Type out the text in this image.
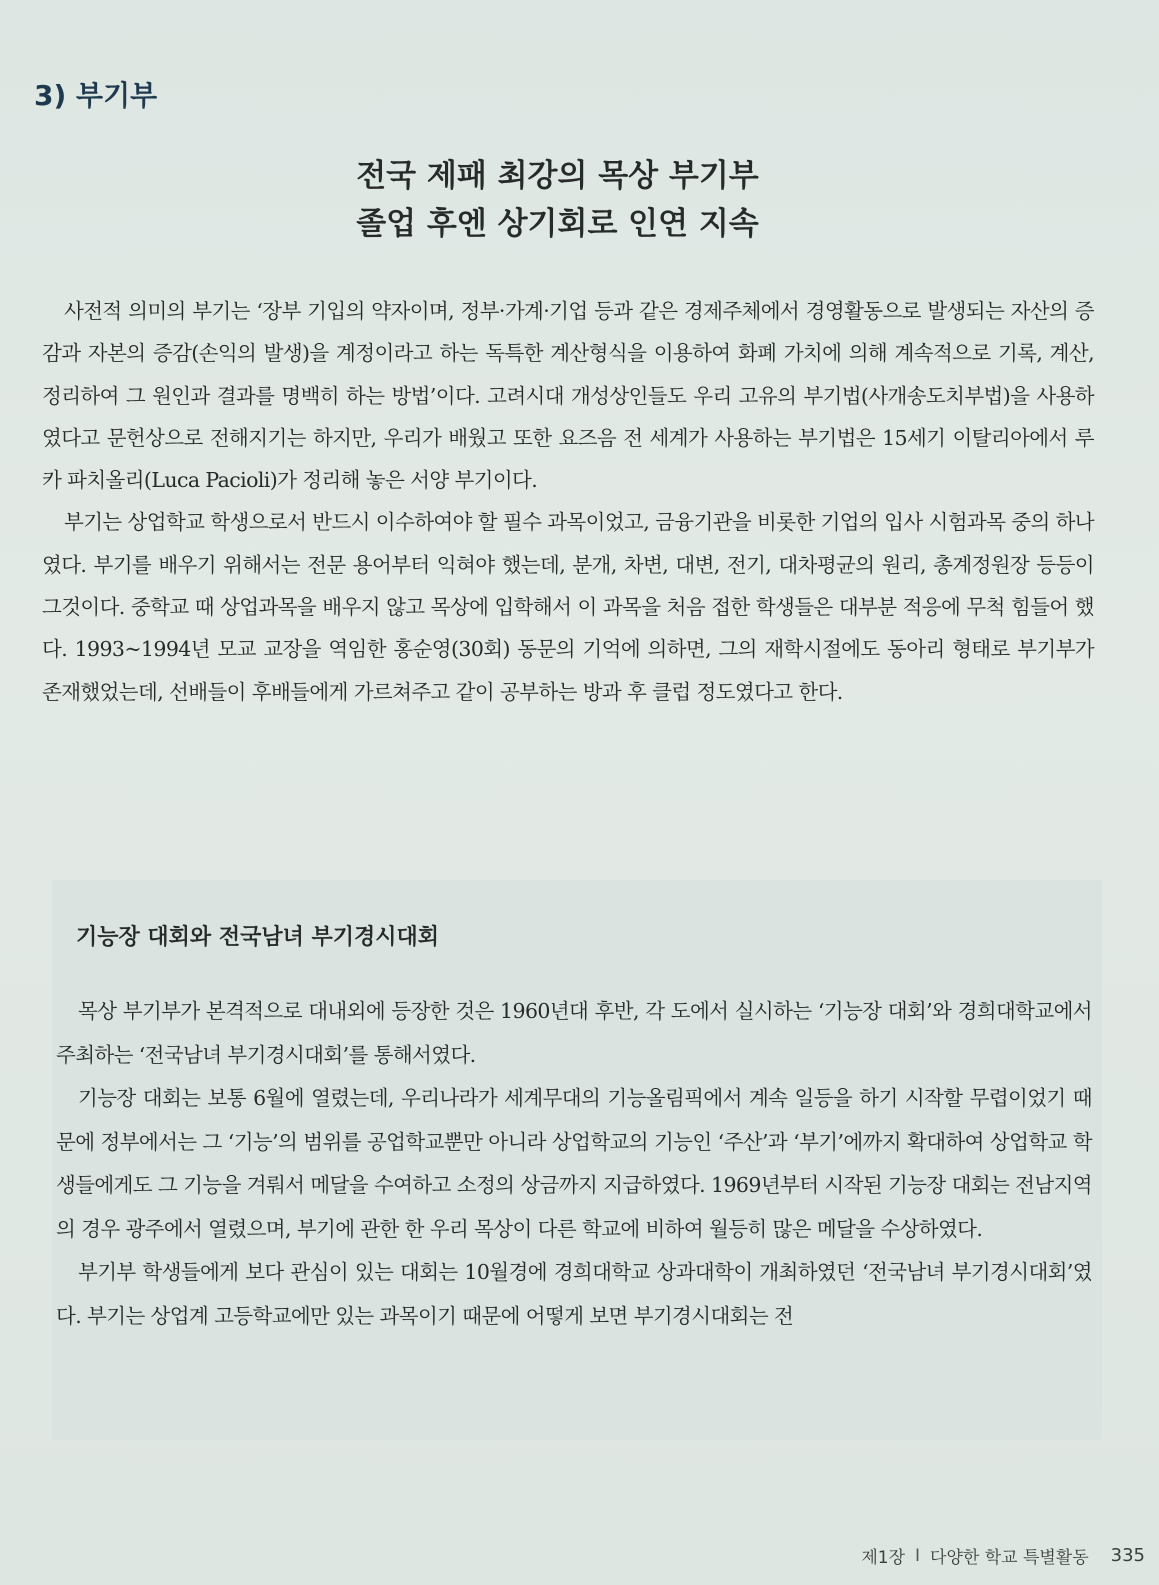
3) 부기부
전국 제패 최강의 목상 부기부
졸업 후엔 상기회로 인연 지속

사전적 의미의 부기는 ‘장부 기입의 약자이며, 정부·가계·기업 등과 같은 경제주체에서 경영활동으로 발생되는 자산의 증감과 자본의 증감(손익의 발생)을 계정이라고 하는 독특한 계산형식을 이용하여 화폐 가치에 의해 계속적으로 기록, 계산, 정리하여 그 원인과 결과를 명백히 하는 방법’이다. 고려시대 개성상인들도 우리 고유의 부기법(사개송도치부법)을 사용하였다고 문헌상으로 전해지기는 하지만, 우리가 배웠고 또한 요즈음 전 세계가 사용하는 부기법은 15세기 이탈리아에서 루카 파치올리(Luca Pacioli)가 정리해 놓은 서양 부기이다.

부기는 상업학교 학생으로서 반드시 이수하여야 할 필수 과목이었고, 금융기관을 비롯한 기업의 입사 시험과목 중의 하나였다. 부기를 배우기 위해서는 전문 용어부터 익혀야 했는데, 분개, 차변, 대변, 전기, 대차평균의 원리, 총계정원장 등등이 그것이다. 중학교 때 상업과목을 배우지 않고 목상에 입학해서 이 과목을 처음 접한 학생들은 대부분 적응에 무척 힘들어 했다. 1993~1994년 모교 교장을 역임한 홍순영(30회) 동문의 기억에 의하면, 그의 재학시절에도 동아리 형태로 부기부가 존재했었는데, 선배들이 후배들에게 가르쳐주고 같이 공부하는 방과 후 클럽 정도였다고 한다.

기능장 대회와 전국남녀 부기경시대회

목상 부기부가 본격적으로 대내외에 등장한 것은 1960년대 후반, 각 도에서 실시하는 ‘기능장 대회’와 경희대학교에서 주최하는 ‘전국남녀 부기경시대회’를 통해서였다.

기능장 대회는 보통 6월에 열렸는데, 우리나라가 세계무대의 기능올림픽에서 계속 일등을 하기 시작할 무렵이었기 때문에 정부에서는 그 ‘기능’의 범위를 공업학교뿐만 아니라 상업학교의 기능인 ‘주산’과 ‘부기’에까지 확대하여 상업학교 학생들에게도 그 기능을 겨뤄서 메달을 수여하고 소정의 상금까지 지급하였다. 1969년부터 시작된 기능장 대회는 전남지역의 경우 광주에서 열렸으며, 부기에 관한 한 우리 목상이 다른 학교에 비하여 월등히 많은 메달을 수상하였다.

부기부 학생들에게 보다 관심이 있는 대회는 10월경에 경희대학교 상과대학이 개최하였던 ‘전국남녀 부기경시대회’였다. 부기는 상업계 고등학교에만 있는 과목이기 때문에 어떻게 보면 부기경시대회는 전

제1장 I 다양한 학교 특별활동 335
